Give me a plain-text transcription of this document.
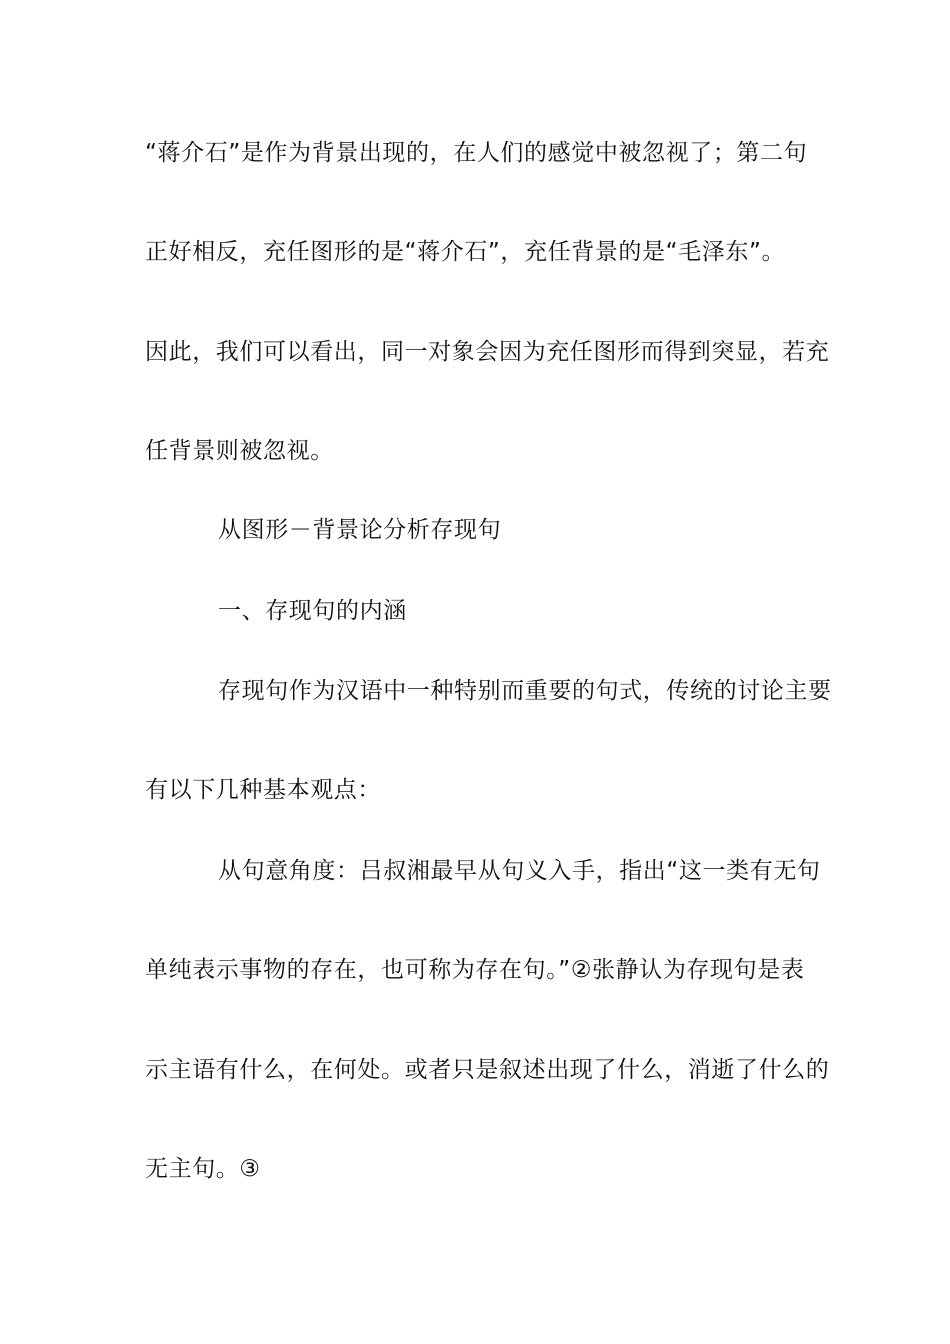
“蒋介石”是作为背景出现的，在人们的感觉中被忽视了；第二句
正好相反，充任图形的是“蒋介石”，充任背景的是“毛泽东”。
因此，我们可以看出，同一对象会因为充任图形而得到突显，若充
任背景则被忽视。
从图形－背景论分析存现句
一、存现句的内涵
存现句作为汉语中一种特别而重要的句式，传统的讨论主要
有以下几种基本观点：
从句意角度：吕叔湘最早从句义入手，指出“这一类有无句
单纯表示事物的存在，也可称为存在句。”②张静认为存现句是表
示主语有什么，在何处。或者只是叙述出现了什么，消逝了什么的
无主句。③
